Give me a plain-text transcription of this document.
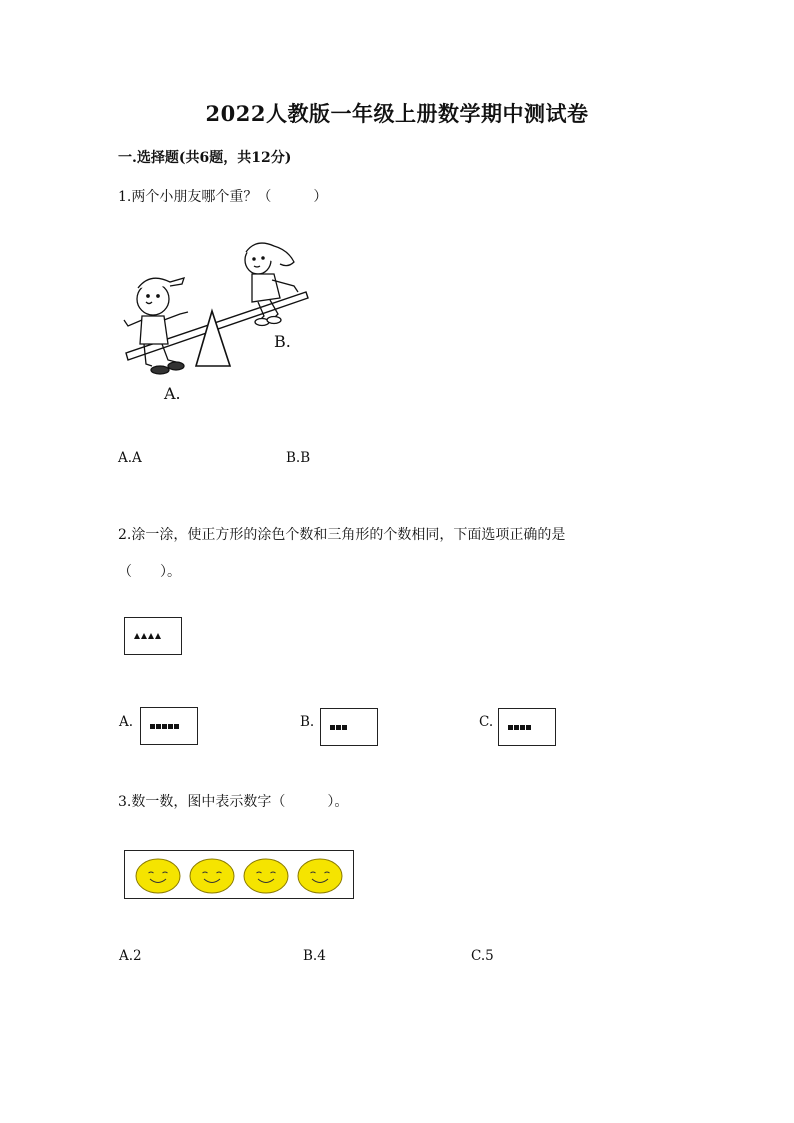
2022人教版一年级上册数学期中测试卷
一.选择题(共6题，共12分)
1.两个小朋友哪个重？（　　　）
A.
B.
A.A	B.B
2.涂一涂，使正方形的涂色个数和三角形的个数相同，下面选项正确的是
（　　）。
A.	B.	C.
3.数一数，图中表示数字（　　　）。
A.2	B.4	C.5
